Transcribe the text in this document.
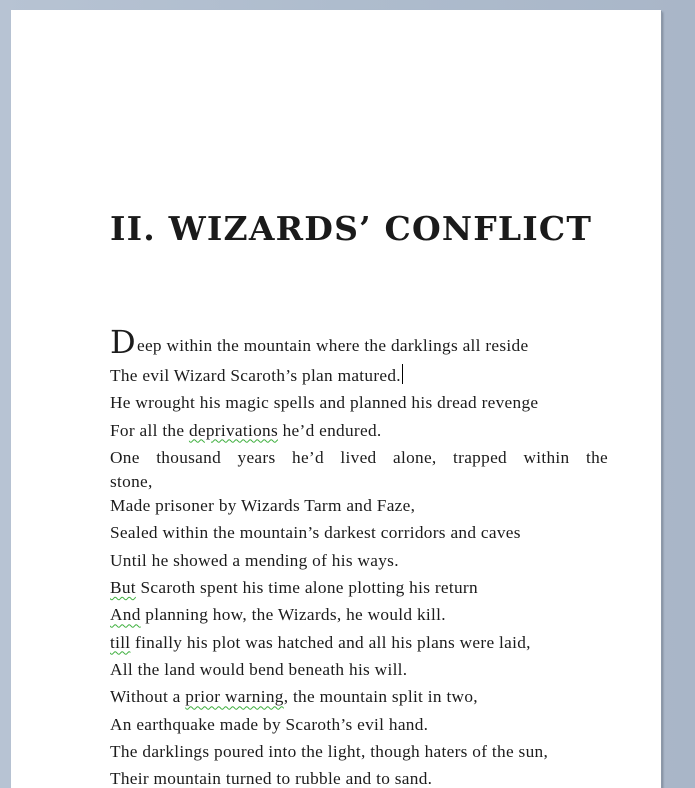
II. WIZARDS’ CONFLICT
Deep within the mountain where the darklings all reside
The evil Wizard Scaroth’s plan matured.
He wrought his magic spells and planned his dread revenge
For all the deprivations he’d endured.
One thousand years he’d lived alone, trapped within the
stone,
Made prisoner by Wizards Tarm and Faze,
Sealed within the mountain’s darkest corridors and caves
Until he showed a mending of his ways.
But Scaroth spent his time alone plotting his return
And planning how, the Wizards, he would kill.
till finally his plot was hatched and all his plans were laid,
All the land would bend beneath his will.
Without a prior warning, the mountain split in two,
An earthquake made by Scaroth’s evil hand.
The darklings poured into the light, though haters of the sun,
Their mountain turned to rubble and to sand.
